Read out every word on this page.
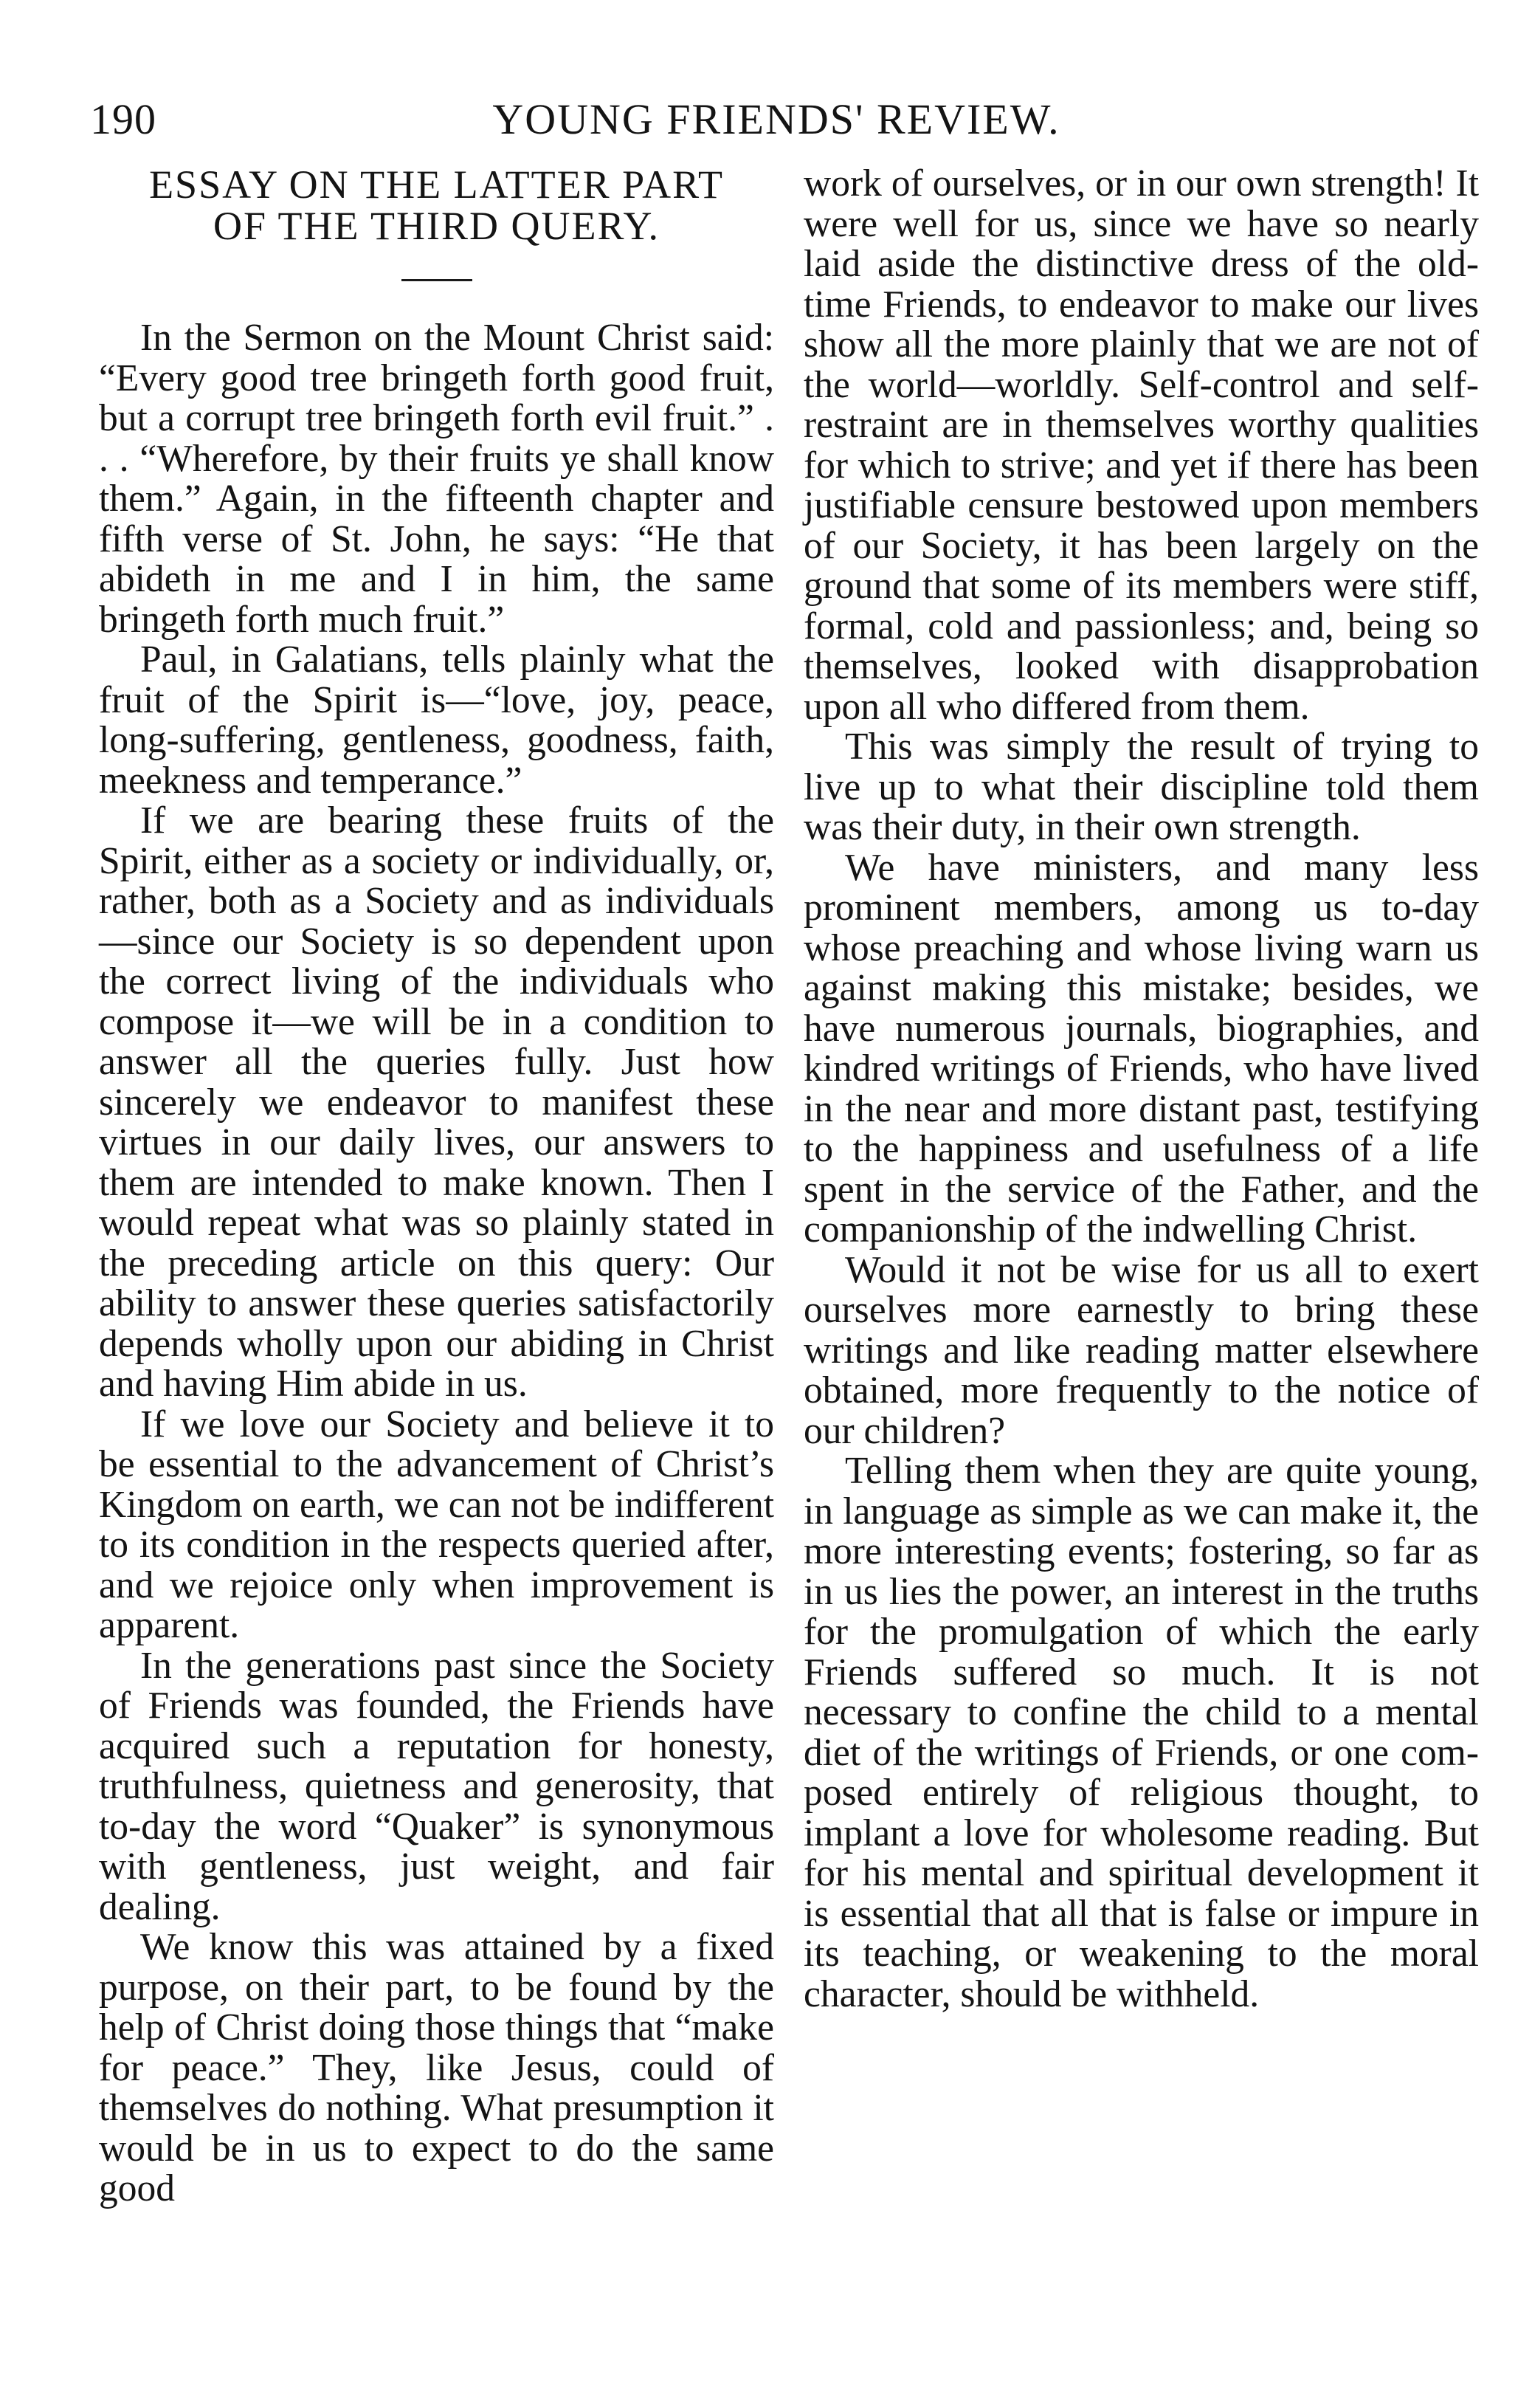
190	YOUNG FRIENDS' REVIEW.
ESSAY ON THE LATTER PART
OF THE THIRD QUERY.

In the Sermon on the Mount Christ said: “Every good tree bringeth forth good fruit, but a corrupt tree bringeth forth evil fruit.” . . . “Wherefore, by their fruits ye shall know them.” Again, in the fifteenth chapter and fifth verse of St. John, he says: “He that abideth in me and I in him, the same bringeth forth much fruit.”

Paul, in Galatians, tells plainly what the fruit of the Spirit is—“love, joy, peace, long-suffering, gentleness, goodness, faith, meekness and temperance.”

If we are bearing these fruits of the Spirit, either as a society or individually, or, rather, both as a Society and as individuals—since our Society is so dependent upon the correct living of the individuals who compose it—we will be in a condition to answer all the queries fully. Just how sincerely we endeavor to manifest these virtues in our daily lives, our answers to them are intended to make known. Then I would repeat what was so plainly stated in the preceding article on this query: Our ability to answer these queries satisfactorily depends wholly upon our abiding in Christ and having Him abide in us.

If we love our Society and believe it to be essential to the advancement of Christ’s Kingdom on earth, we can not be indifferent to its condition in the respects queried after, and we rejoice only when improvement is apparent.

In the generations past since the Society of Friends was founded, the Friends have acquired such a reputation for honesty, truthfulness, quietness and generosity, that to-day the word “Quaker” is synonymous with gentleness, just weight, and fair dealing.

We know this was attained by a fixed purpose, on their part, to be found by the help of Christ doing those things that “make for peace.” They, like Jesus, could of themselves do nothing. What presumption it would be in us to expect to do the same good

work of ourselves, or in our own strength! It were well for us, since we have so nearly laid aside the distinctive dress of the old-time Friends, to endeavor to make our lives show all the more plainly that we are not of the world—worldly. Self-control and self-restraint are in themselves worthy qualities for which to strive; and yet if there has been justifiable censure bestowed upon members of our Society, it has been largely on the ground that some of its members were stiff, formal, cold and passionless; and, being so themselves, looked with disapprobation upon all who differed from them.

This was simply the result of trying to live up to what their discipline told them was their duty, in their own strength.

We have ministers, and many less prominent members, among us to-day whose preaching and whose living warn us against making this mistake; besides, we have numerous journals, biographies, and kindred writings of Friends, who have lived in the near and more distant past, testifying to the happiness and usefulness of a life spent in the service of the Father, and the companionship of the indwelling Christ.

Would it not be wise for us all to exert ourselves more earnestly to bring these writings and like reading matter elsewhere obtained, more frequently to the notice of our children?

Telling them when they are quite young, in language as simple as we can make it, the more interesting events; fostering, so far as in us lies the power, an interest in the truths for the promulgation of which the early Friends suffered so much. It is not necessary to confine the child to a mental diet of the writings of Friends, or one composed entirely of religious thought, to implant a love for wholesome reading. But for his mental and spiritual development it is essential that all that is false or impure in its teaching, or weakening to the moral character, should be withheld.
